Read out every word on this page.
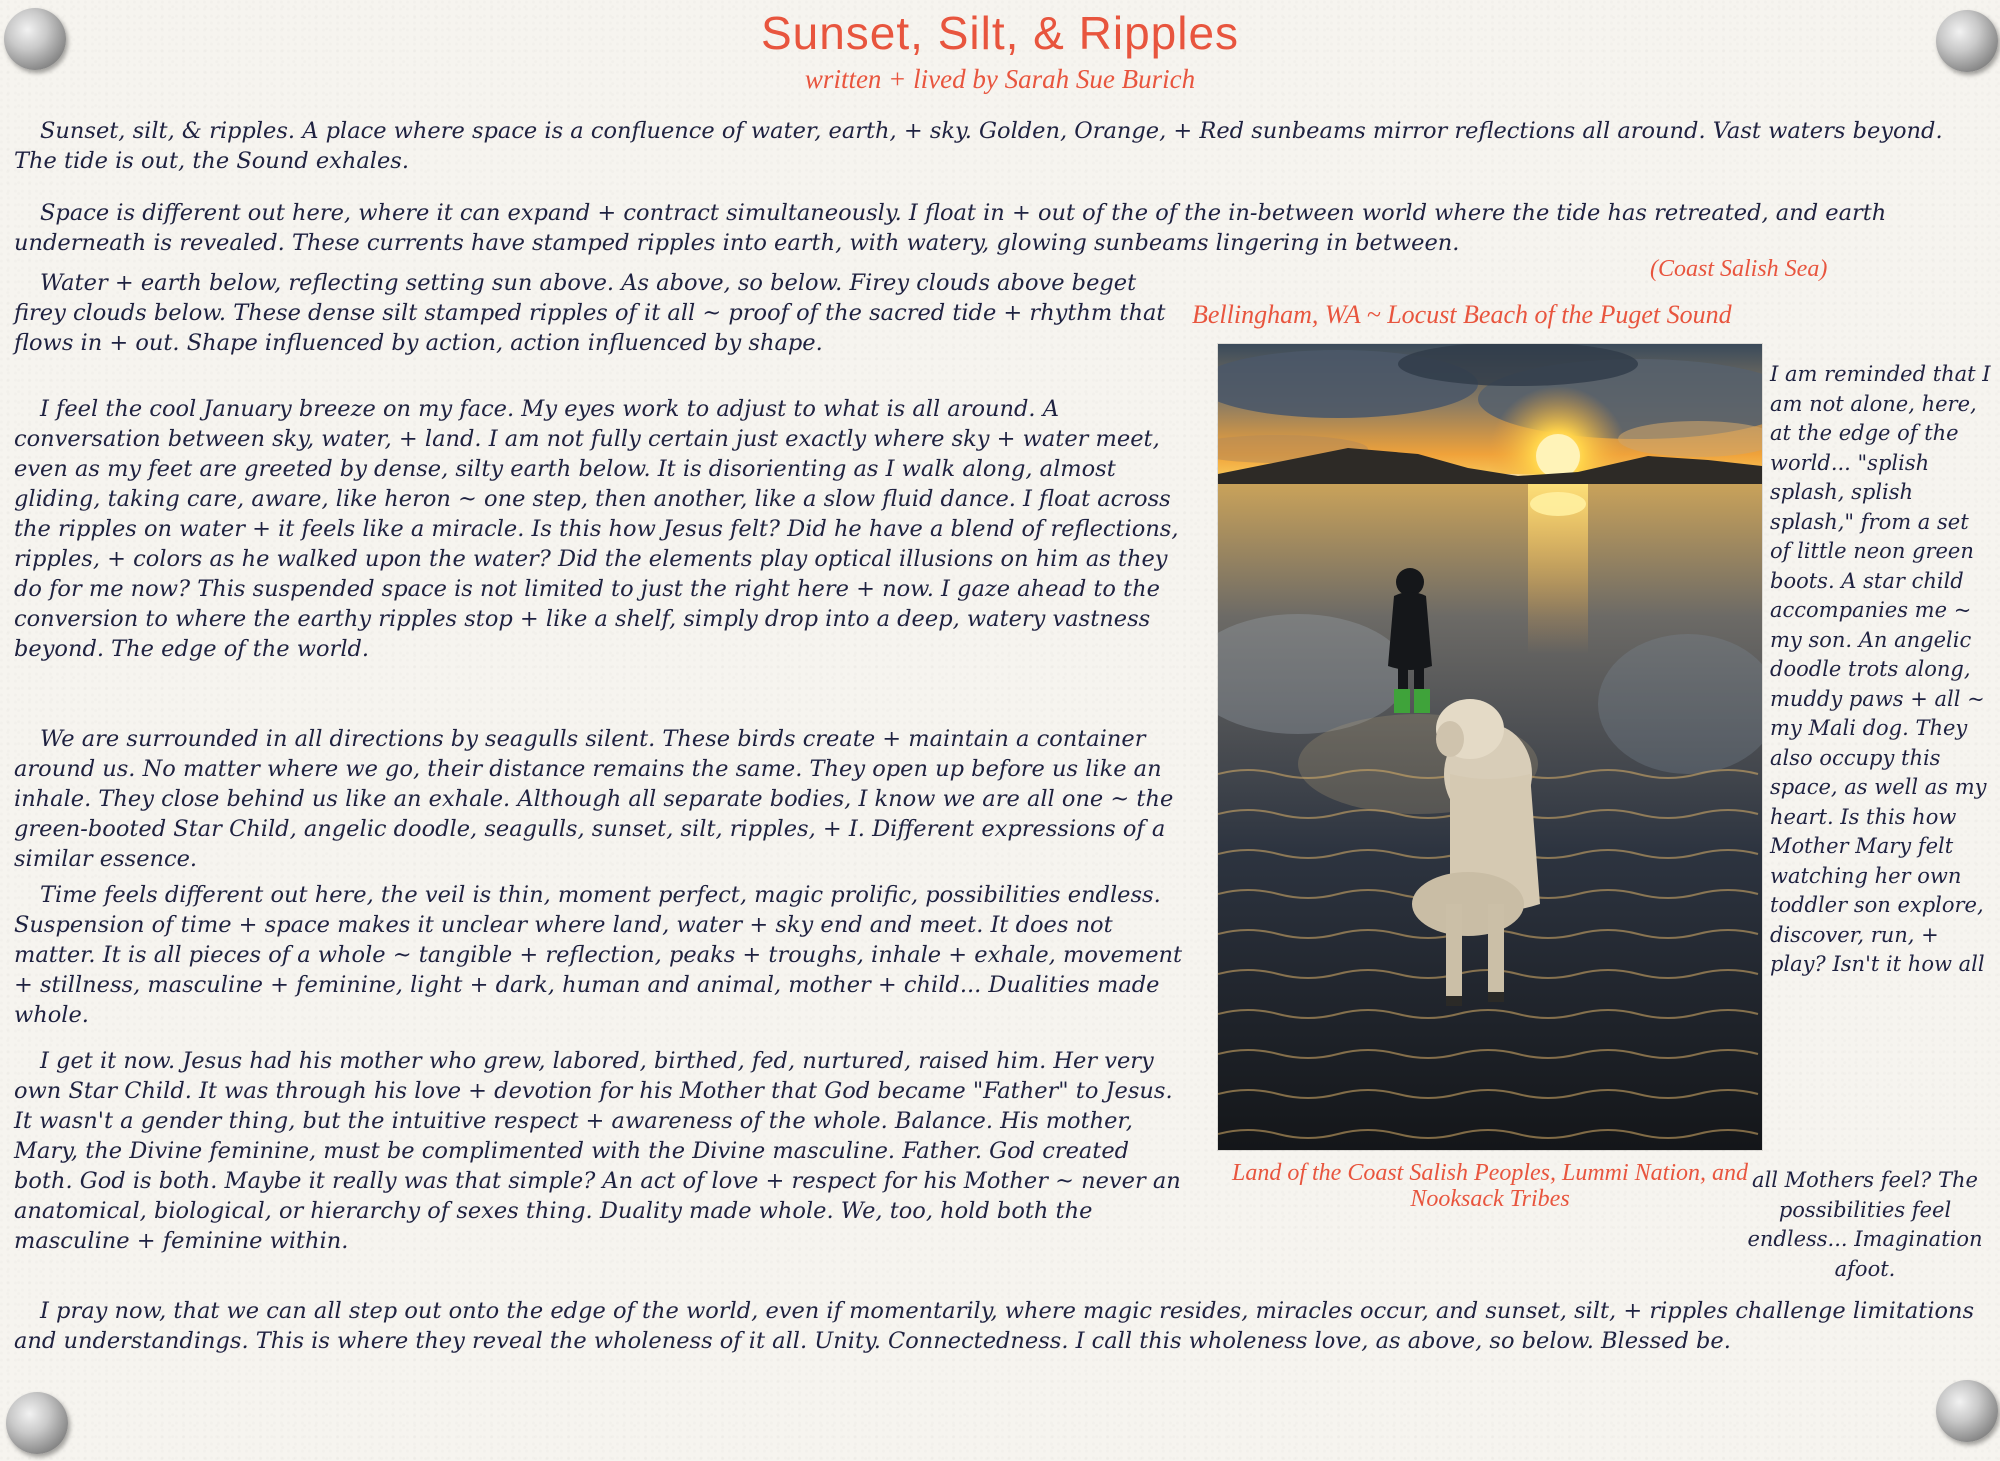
Sunset, Silt, & Ripples
written + lived by Sarah Sue Burich

Sunset, silt, & ripples. A place where space is a confluence of water, earth, + sky. Golden, Orange, + Red sunbeams mirror reflections all around. Vast waters beyond. The tide is out, the Sound exhales.

Space is different out here, where it can expand + contract simultaneously. I float in + out of the of the in-between world where the tide has retreated, and earth underneath is revealed. These currents have stamped ripples into earth, with watery, glowing sunbeams lingering in between.

Water + earth below, reflecting setting sun above. As above, so below. Firey clouds above beget firey clouds below. These dense silt stamped ripples of it all ~ proof of the sacred tide + rhythm that flows in + out. Shape influenced by action, action influenced by shape.

I feel the cool January breeze on my face. My eyes work to adjust to what is all around. A conversation between sky, water, + land. I am not fully certain just exactly where sky + water meet, even as my feet are greeted by dense, silty earth below. It is disorienting as I walk along, almost gliding, taking care, aware, like heron ~ one step, then another, like a slow fluid dance. I float across the ripples on water + it feels like a miracle. Is this how Jesus felt? Did he have a blend of reflections, ripples, + colors as he walked upon the water? Did the elements play optical illusions on him as they do for me now? This suspended space is not limited to just the right here + now. I gaze ahead to the conversion to where the earthy ripples stop + like a shelf, simply drop into a deep, watery vastness beyond. The edge of the world.

We are surrounded in all directions by seagulls silent. These birds create + maintain a container around us. No matter where we go, their distance remains the same. They open up before us like an inhale. They close behind us like an exhale. Although all separate bodies, I know we are all one ~ the green-booted Star Child, angelic doodle, seagulls, sunset, silt, ripples, + I. Different expressions of a similar essence.

Time feels different out here, the veil is thin, moment perfect, magic prolific, possibilities endless. Suspension of time + space makes it unclear where land, water + sky end and meet. It does not matter. It is all pieces of a whole ~ tangible + reflection, peaks + troughs, inhale + exhale, movement + stillness, masculine + feminine, light + dark, human and animal, mother + child... Dualities made whole.

I get it now. Jesus had his mother who grew, labored, birthed, fed, nurtured, raised him. Her very own Star Child. It was through his love + devotion for his Mother that God became "Father" to Jesus. It wasn't a gender thing, but the intuitive respect + awareness of the whole. Balance. His mother, Mary, the Divine feminine, must be complimented with the Divine masculine. Father. God created both. God is both. Maybe it really was that simple? An act of love + respect for his Mother ~ never an anatomical, biological, or hierarchy of sexes thing. Duality made whole. We, too, hold both the masculine + feminine within.

I pray now, that we can all step out onto the edge of the world, even if momentarily, where magic resides, miracles occur, and sunset, silt, + ripples challenge limitations and understandings. This is where they reveal the wholeness of it all. Unity. Connectedness. I call this wholeness love, as above, so below. Blessed be.

(Coast Salish Sea)
Bellingham, WA ~ Locust Beach of the Puget Sound
Land of the Coast Salish Peoples, Lummi Nation, and Nooksack Tribes

I am reminded that I am not alone, here, at the edge of the world... "splish splash, splish splash," from a set of little neon green boots. A star child accompanies me ~ my son. An angelic doodle trots along, muddy paws + all ~ my Mali dog. They also occupy this space, as well as my heart. Is this how Mother Mary felt watching her own toddler son explore, discover, run, + play? Isn't it how all

all Mothers feel? The possibilities feel endless... Imagination afoot.
